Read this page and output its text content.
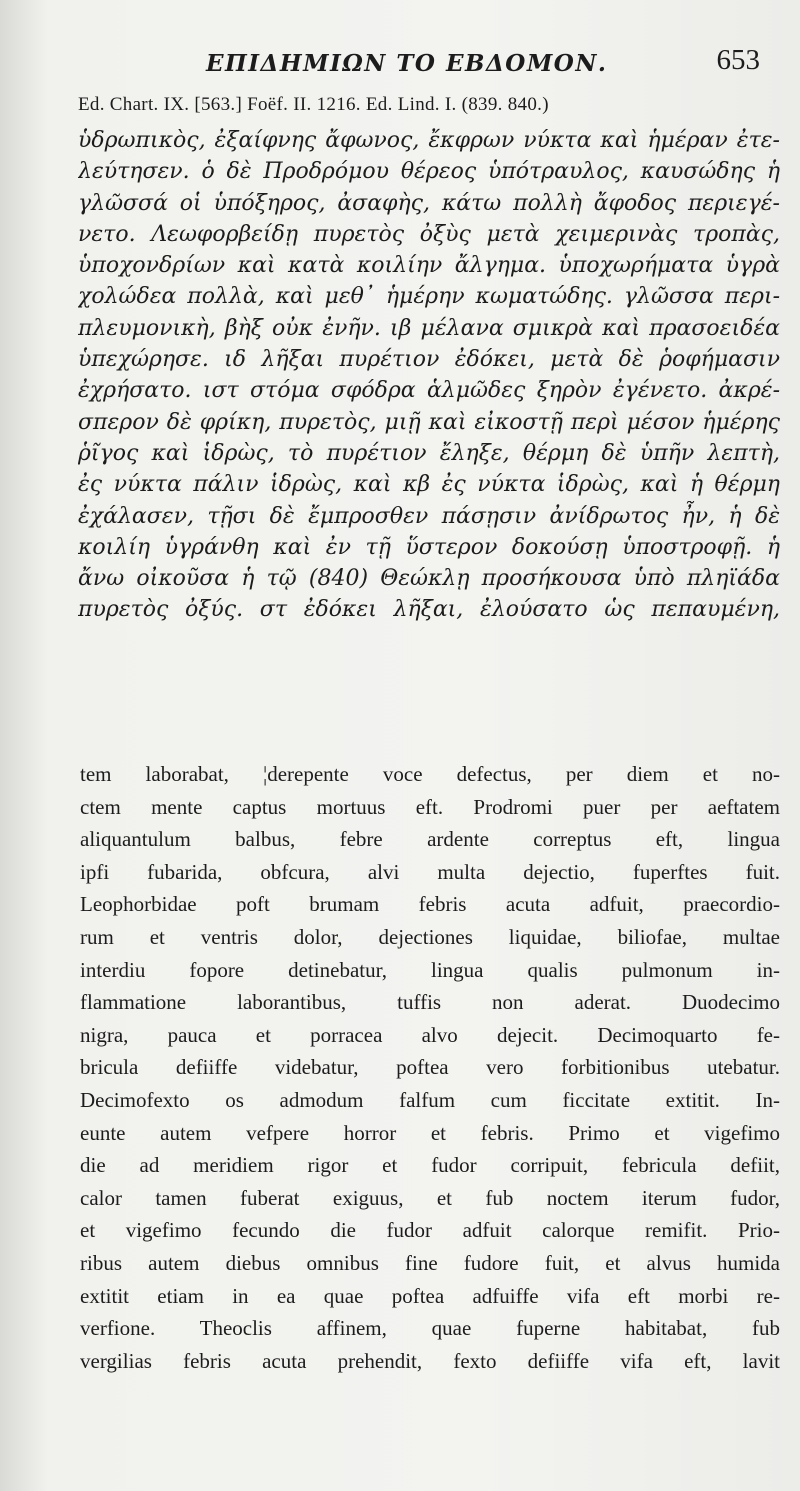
ΕΠΙΔΗΜΙΩΝ ΤΟ ΕΒΔΟΜΟΝ.	653
Ed. Chart. IX. [563.] Foëf. II. 1216. Ed. Lind. I. (839. 840.)
ὑδρωπικὸς, ἐξαίφνης ἄφωνος, ἔκφρων νύκτα καὶ ἡμέραν ἐτε-
λεύτησεν. ὁ δὲ Προδρόμου θέρεος ὑπότραυλος, καυσώδης ἡ
γλῶσσά οἱ ὑπόξηρος, ἀσαφὴς, κάτω πολλὴ ἄφοδος περιεγέ-
νετο. Λεωφορβείδῃ πυρετὸς ὀξὺς μετὰ χειμερινὰς τροπὰς,
ὑποχονδρίων καὶ κατὰ κοιλίην ἄλγημα. ὑποχωρήματα ὑγρὰ
χολώδεα πολλὰ, καὶ μεθ᾽ ἡμέρην κωματώδης. γλῶσσα περι-
πλευμονικὴ, βὴξ οὐκ ἐνῆν. ιβ μέλανα σμικρὰ καὶ πρασοειδέα
ὑπεχώρησε. ιδ λῆξαι πυρέτιον ἐδόκει, μετὰ δὲ ῥοφήμασιν
ἐχρήσατο. ιστ στόμα σφόδρα ἁλμῶδες ξηρὸν ἐγένετο. ἀκρέ-
σπερον δὲ φρίκη, πυρετὸς, μιῇ καὶ εἰκοστῇ περὶ μέσον ἡμέρης
ῥῖγος καὶ ἱδρὼς, τὸ πυρέτιον ἔληξε, θέρμη δὲ ὑπῆν λεπτὴ,
ἐς νύκτα πάλιν ἱδρὼς, καὶ κβ ἐς νύκτα ἱδρὼς, καὶ ἡ θέρμη
ἐχάλασεν, τῇσι δὲ ἔμπροσθεν πάσῃσιν ἀνίδρωτος ἦν, ἡ δὲ
κοιλίη ὑγράνθη καὶ ἐν τῇ ὕστερον δοκούσῃ ὑποστροφῇ. ἡ
ἄνω οἰκοῦσα ἡ τῷ (840) Θεώκλῃ προσήκουσα ὑπὸ πληϊάδα
πυρετὸς ὀξύς. στ ἐδόκει λῆξαι, ἐλούσατο ὡς πεπαυμένη,
tem laborabat, ¦derepente voce defectus, per diem et no-
ctem mente captus mortuus eft. Prodromi puer per aeftatem
aliquantulum balbus, febre ardente correptus eft, lingua
ipfi fubarida, obfcura, alvi multa dejectio, fuperftes fuit.
Leophorbidae poft brumam febris acuta adfuit, praecordio-
rum et ventris dolor, dejectiones liquidae, biliofae, multae
interdiu fopore detinebatur, lingua qualis pulmonum in-
flammatione laborantibus, tuffis non aderat. Duodecimo
nigra, pauca et porracea alvo dejecit. Decimoquarto fe-
bricula defiiffe videbatur, poftea vero forbitionibus utebatur.
Decimofexto os admodum falfum cum ficcitate extitit. In-
eunte autem vefpere horror et febris. Primo et vigefimo
die ad meridiem rigor et fudor corripuit, febricula defiit,
calor tamen fuberat exiguus, et fub noctem iterum fudor,
et vigefimo fecundo die fudor adfuit calorque remifit. Prio-
ribus autem diebus omnibus fine fudore fuit, et alvus humida
extitit etiam in ea quae poftea adfuiffe vifa eft morbi re-
verfione. Theoclis affinem, quae fuperne habitabat, fub
vergilias febris acuta prehendit, fexto defiiffe vifa eft, lavit
